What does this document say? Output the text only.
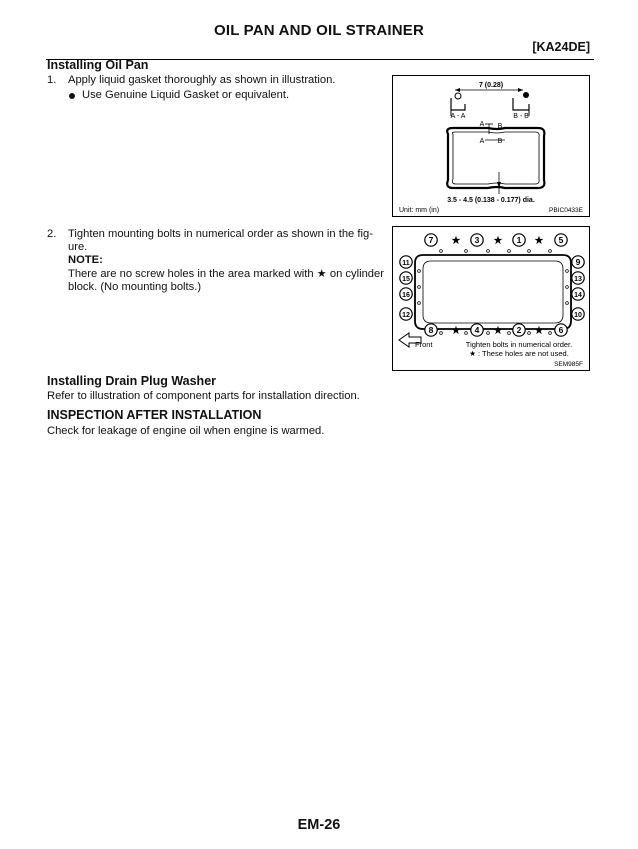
OIL PAN AND OIL STRAINER
[KA24DE]
Installing Oil Pan
1. Apply liquid gasket thoroughly as shown in illustration.
Use Genuine Liquid Gasket or equivalent.
7 (0.28)
A - A	B - B
A B
A B
3.5 - 4.5 (0.138 - 0.177) dia.
Unit: mm (in)	PBIC0433E
2. Tighten mounting bolts in numerical order as shown in the fig-
ure.
NOTE:
There are no screw holes in the area marked with ★ on cylinder
block. (No mounting bolts.)
Front	Tighten bolts in numerical order.
★ : These holes are not used.
SEM985F
7 ★ 3 ★ 1 ★ 5
8 ★ 4 ★ 2 ★ 6
11
15
16
12
9
13
14
10
Installing Drain Plug Washer
Refer to illustration of component parts for installation direction.
INSPECTION AFTER INSTALLATION
Check for leakage of engine oil when engine is warmed.
EM-26
